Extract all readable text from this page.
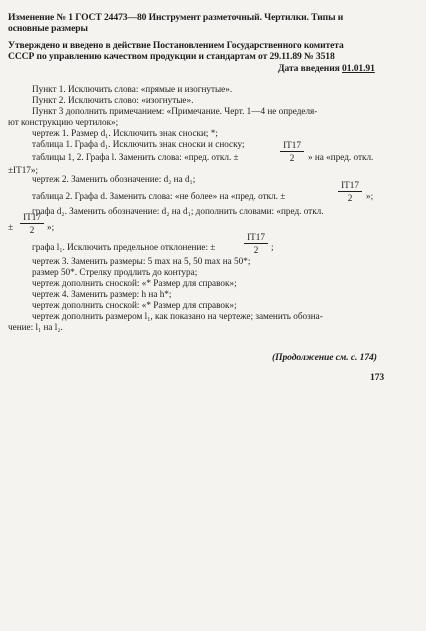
Изменение № 1 ГОСТ 24473—80 Инструмент разметочный. Чертилки. Типы и
основные размеры
Утверждено и введено в действие Постановлением Государственного комитета
СССР по управлению качеством продукции и стандартам от 29.11.89 № 3518
Дата введения 01.01.91
Пункт 1. Исключить слова: «прямые и изогнутые».
Пункт 2. Исключить слово: «изогнутые».
Пункт 3 дополнить примечанием: «Примечание. Черт. 1—4 не определя-
ют конструкцию чертилок»;
чертеж 1. Размер d₁. Исключить знак сноски; *;
таблица 1. Графа d₁. Исключить знак сноски и сноску;
таблицы 1, 2. Графа l. Заменить слова: «пред. откл. ±
IT17
2	» на «пред. откл.
±IT17»;
чертеж 2. Заменить обозначение: d₂ на d₁;
таблица 2. Графа d. Заменить слова: «не более» на «пред. откл. ±
IT17
2	»;
графа d₂. Заменить обозначение: d₂ на d₁; дополнить словами: «пред. откл.
±
IT17
2	»;
графа l₁. Исключить предельное отклонение: ±
IT17
2	;
чертеж 3. Заменить размеры: 5 max на 5, 50 max на 50*;
размер 50*. Стрелку продлить до контура;
чертеж дополнить сноской: «* Размер для справок»;
чертеж 4. Заменить размер: h на h*;
чертеж дополнить сноской: «* Размер для справок»;
чертеж дополнить размером l₁, как показано на чертеже; заменить обозна-
чение: l₁ на l₂.
(Продолжение см. с. 174)
173
